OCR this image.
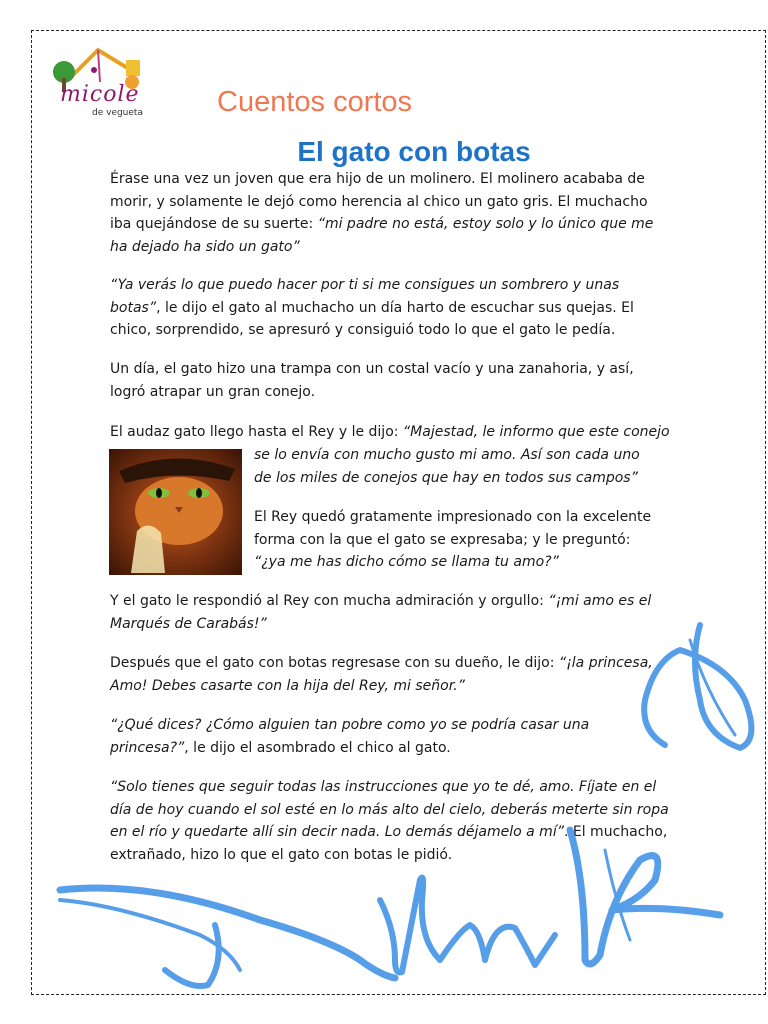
micole
de vegueta	Cuentos cortos
El gato con botas

Érase una vez un joven que era hijo de un molinero. El molinero acababa de morir, y solamente le dejó como herencia al chico un gato gris. El muchacho iba quejándose de su suerte: “mi padre no está, estoy solo y lo único que me ha dejado ha sido un gato”

“Ya verás lo que puedo hacer por ti si me consigues un sombrero y unas botas”, le dijo el gato al muchacho un día harto de escuchar sus quejas. El chico, sorprendido, se apresuró y consiguió todo lo que el gato le pedía.

Un día, el gato hizo una trampa con un costal vacío y una zanahoria, y así, logró atrapar un gran conejo.

El audaz gato llego hasta el Rey y le dijo: “Majestad, le informo que este conejo

se lo envía con mucho gusto mi amo. Así son cada uno de los miles de conejos que hay en todos sus campos”

El Rey quedó gratamente impresionado con la excelente forma con la que el gato se expresaba; y le preguntó: “¿ya me has dicho cómo se llama tu amo?”

Y el gato le respondió al Rey con mucha admiración y orgullo: “¡mi amo es el Marqués de Carabás!”

Después que el gato con botas regresase con su dueño, le dijo: “¡la princesa, Amo! Debes casarte con la hija del Rey, mi señor.”

“¿Qué dices? ¿Cómo alguien tan pobre como yo se podría casar una princesa?”, le dijo el asombrado el chico al gato.

“Solo tienes que seguir todas las instrucciones que yo te dé, amo. Fíjate en el día de hoy cuando el sol esté en lo más alto del cielo, deberás meterte sin ropa en el río y quedarte allí sin decir nada. Lo demás déjamelo a mí”. El muchacho, extrañado, hizo lo que el gato con botas le pidió.
